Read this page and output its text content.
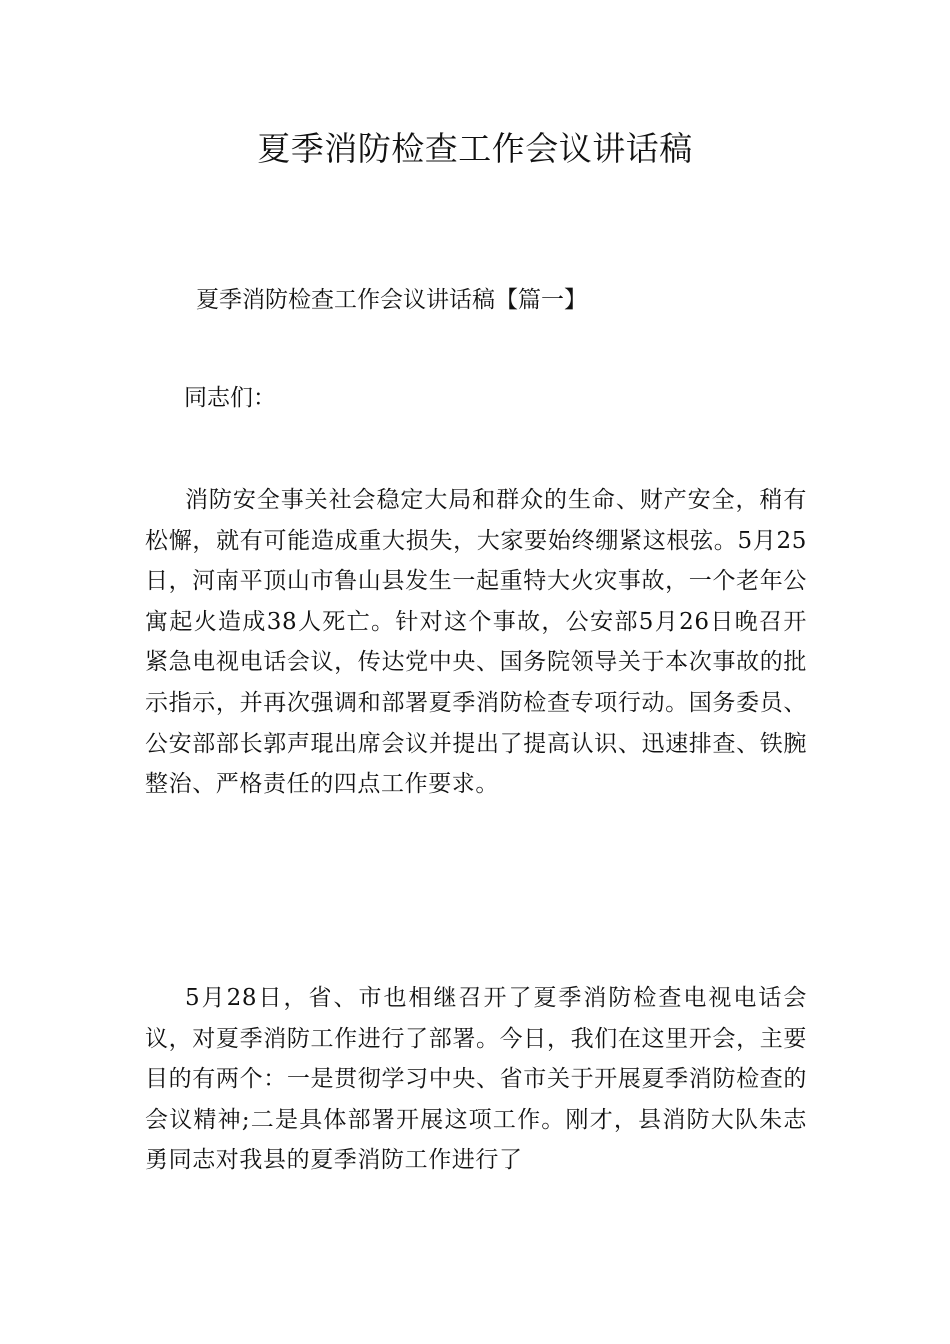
夏季消防检查工作会议讲话稿
夏季消防检查工作会议讲话稿【篇一】

同志们：

消防安全事关社会稳定大局和群众的生命、财产安全，稍有松懈，就有可能造成重大损失，大家要始终绷紧这根弦。5月25日，河南平顶山市鲁山县发生一起重特大火灾事故，一个老年公寓起火造成38人死亡。针对这个事故，公安部5月26日晚召开紧急电视电话会议，传达党中央、国务院领导关于本次事故的批示指示，并再次强调和部署夏季消防检查专项行动。国务委员、公安部部长郭声琨出席会议并提出了提高认识、迅速排查、铁腕整治、严格责任的四点工作要求。

5月28日，省、市也相继召开了夏季消防检查电视电话会议，对夏季消防工作进行了部署。今日，我们在这里开会，主要目的有两个：一是贯彻学习中央、省市关于开展夏季消防检查的会议精神;二是具体部署开展这项工作。刚才，县消防大队朱志勇同志对我县的夏季消防工作进行了
